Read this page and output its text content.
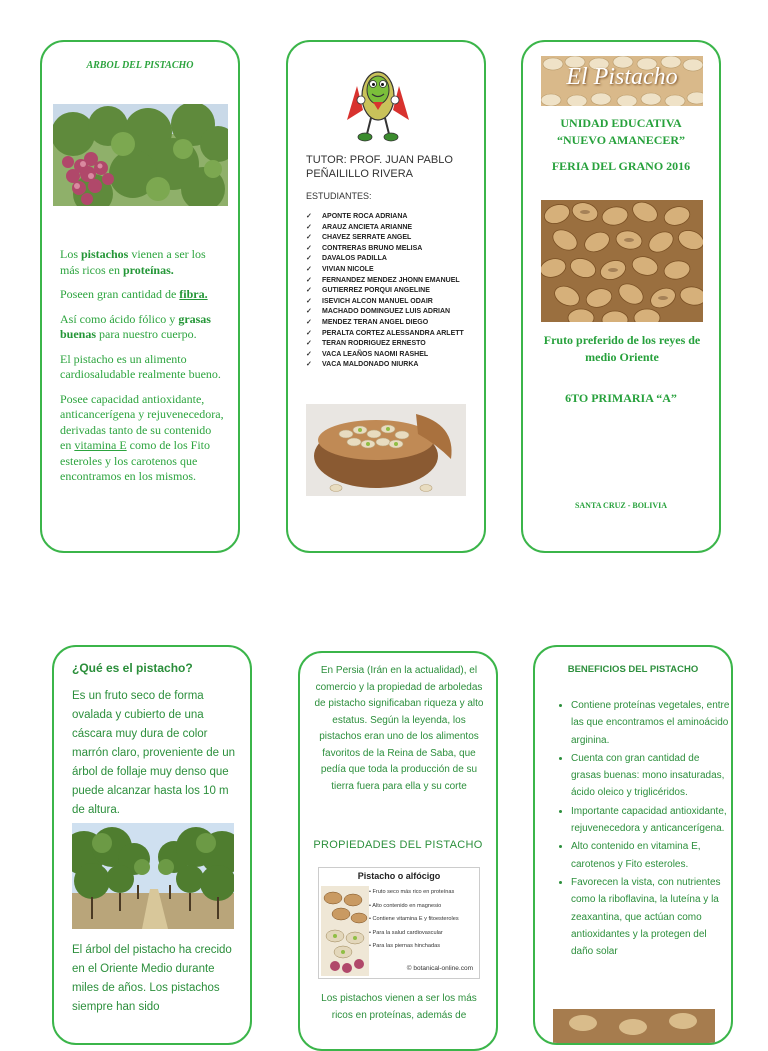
ARBOL DEL PISTACHO

Los pistachos vienen a ser los más ricos en proteínas.

Poseen gran cantidad de fibra.

Así como ácido fólico y grasas buenas para nuestro cuerpo.

El pistacho es un alimento cardiosaludable realmente bueno.

Posee capacidad antioxidante, anticancerígena y rejuvenecedora, derivadas tanto de su contenido en vitamina E como de los Fito esteroles y los carotenos que encontramos en los mismos.

TUTOR: PROF. JUAN PABLO PEÑAILILLO RIVERA
ESTUDIANTES:
✓ APONTE ROCA ADRIANA
✓ ARAUZ ANCIETA ARIANNE
✓ CHAVEZ SERRATE ANGEL
✓ CONTRERAS BRUNO MELISA
✓ DAVALOS PADILLA
✓ VIVIAN NICOLE
✓ FERNANDEZ MENDEZ JHONN EMANUEL
✓ GUTIERREZ PORQUI ANGELINE
✓ ISEVICH ALCON MANUEL ODAIR
✓ MACHADO DOMINGUEZ LUIS ADRIAN
✓ MENDEZ TERAN ANGEL DIEGO
✓ PERALTA CORTEZ ALESSANDRA ARLETT
✓ TERAN RODRIGUEZ ERNESTO
✓ VACA LEAÑOS NAOMI RASHEL
✓ VACA MALDONADO NIURKA
El Pistacho
UNIDAD EDUCATIVA
“NUEVO AMANECER”
FERIA DEL GRANO 2016
Fruto preferido de los reyes de medio Oriente
6TO PRIMARIA “A”
SANTA CRUZ - BOLIVIA
¿Qué es el pistacho?
Es un fruto seco de forma ovalada y cubierto de una cáscara muy dura de color marrón claro, proveniente de un árbol de follaje muy denso que puede alcanzar hasta los 10 m de altura.
El árbol del pistacho ha crecido en el Oriente Medio durante miles de años. Los pistachos siempre han sido
En Persia (Irán en la actualidad), el comercio y la propiedad de arboledas de pistacho significaban riqueza y alto estatus. Según la leyenda, los pistachos eran uno de los alimentos favoritos de la Reina de Saba, que pedía que toda la producción de su tierra fuera para ella y su corte
PROPIEDADES DEL PISTACHO
Pistacho o alfócigo
• Fruto seco más rico en proteínas
• Alto contenido en magnesio
• Contiene vitamina E y fitoesteroles
• Para la salud cardiovascular
• Para las piernas hinchadas
© botanical-online.com
Los pistachos vienen a ser los más ricos en proteínas, además de
BENEFICIOS DEL PISTACHO
• Contiene proteínas vegetales, entre las que encontramos el aminoácido arginina.
• Cuenta con gran cantidad de grasas buenas: mono insaturadas, ácido oleico y triglicéridos.
• Importante capacidad antioxidante, rejuvenecedora y anticancerígena.
• Alto contenido en vitamina E, carotenos y Fito esteroles.
• Favorecen la vista, con nutrientes como la riboflavina, la luteína y la zeaxantina, que actúan como antioxidantes y la protegen del daño solar
